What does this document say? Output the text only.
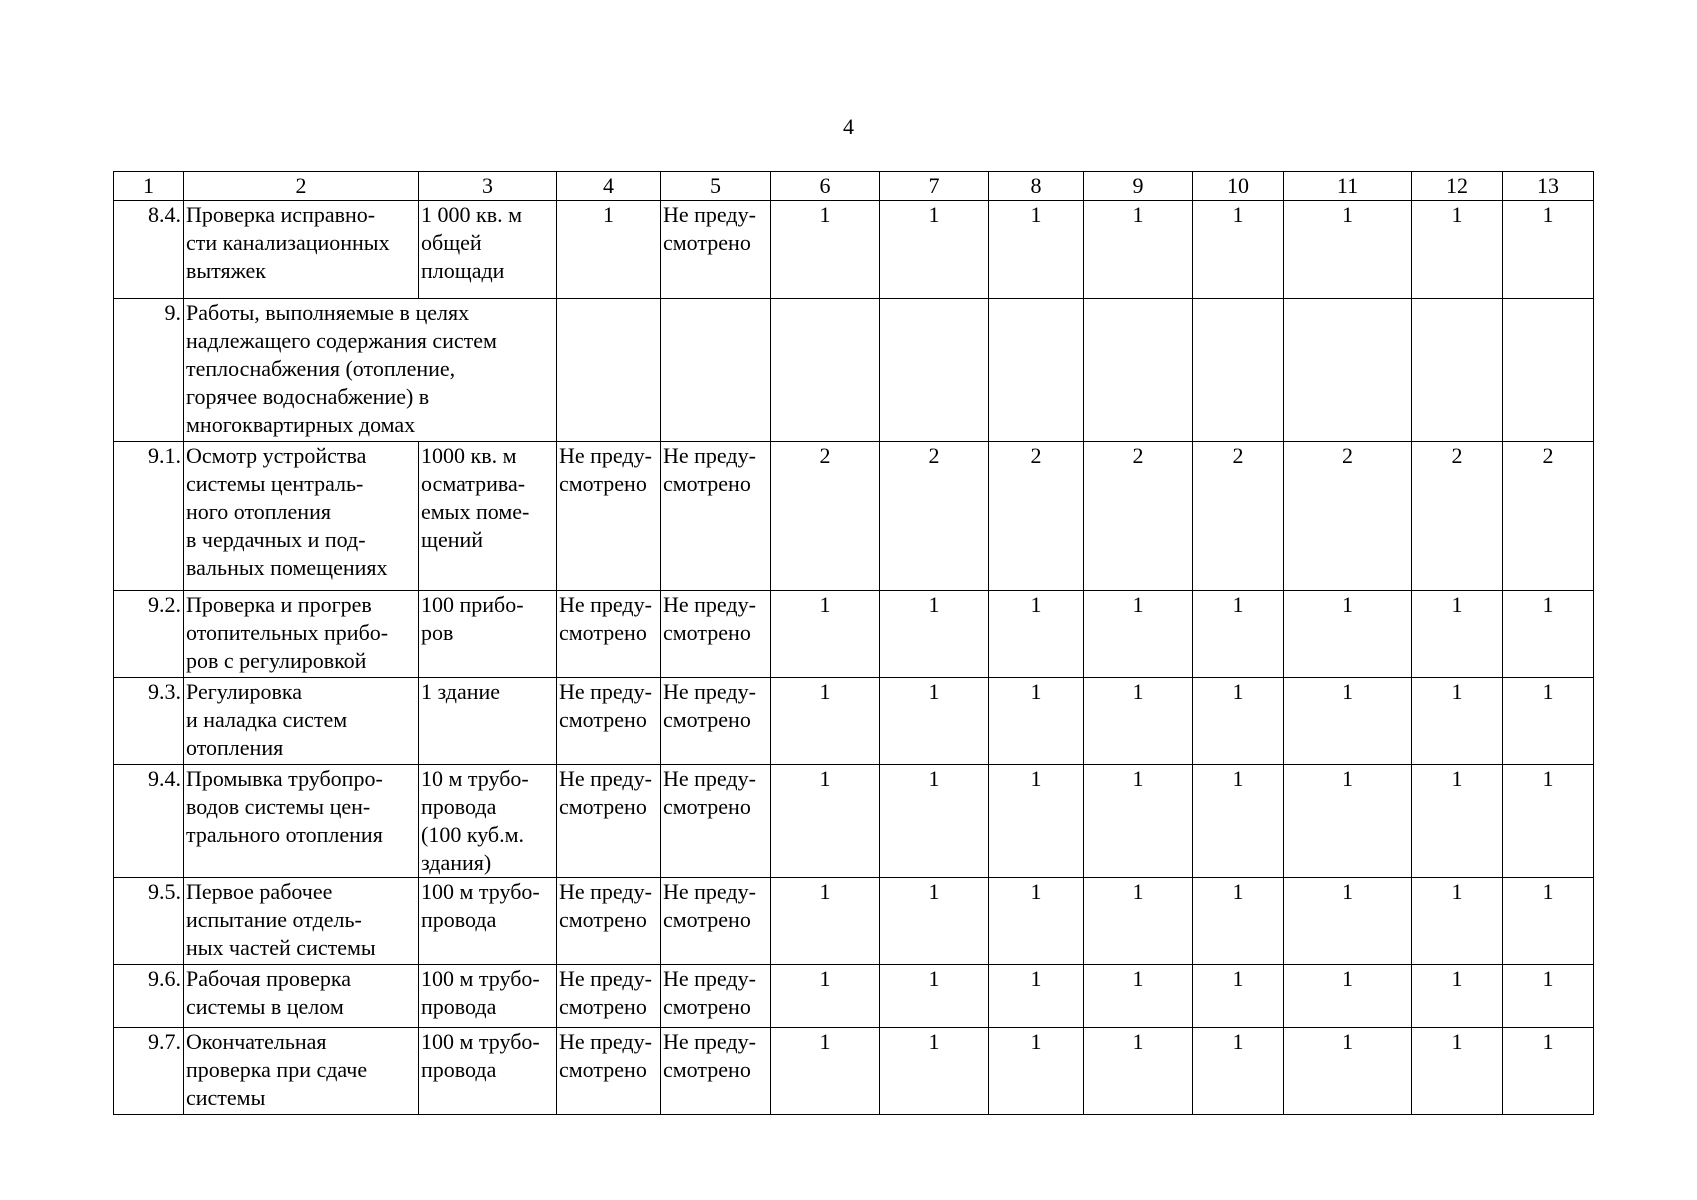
4
1	2	3	4	5	6	7	8	9	10	11	12	13
8.4.	Проверка исправно-
сти канализационных
вытяжек	1 000 кв. м
общей
площади	1	Не преду-
смотрено	1	1	1	1	1	1	1	1
9.	Работы, выполняемые в целях
надлежащего содержания систем
теплоснабжения (отопление,
горячее водоснабжение) в
многоквартирных домах											
9.1.	Осмотр устройства
системы централь-
ного отопления
в чердачных и под-
вальных помещениях	1000 кв. м
осматрива-
емых поме-
щений	Не преду-
смотрено	Не преду-
смотрено	2	2	2	2	2	2	2	2
9.2.	Проверка и прогрев
отопительных прибо-
ров с регулировкой	100 прибо-
ров	Не преду-
смотрено	Не преду-
смотрено	1	1	1	1	1	1	1	1
9.3.	Регулировка
и наладка систем
отопления	1 здание	Не преду-
смотрено	Не преду-
смотрено	1	1	1	1	1	1	1	1
9.4.	Промывка трубопро-
водов системы цен-
трального отопления	10 м трубо-
провода
(100 куб.м.
здания)	Не преду-
смотрено	Не преду-
смотрено	1	1	1	1	1	1	1	1
9.5.	Первое рабочее
испытание отдель-
ных частей системы	100 м трубо-
провода	Не преду-
смотрено	Не преду-
смотрено	1	1	1	1	1	1	1	1
9.6.	Рабочая проверка
системы в целом	100 м трубо-
провода	Не преду-
смотрено	Не преду-
смотрено	1	1	1	1	1	1	1	1
9.7.	Окончательная
проверка при сдаче
системы	100 м трубо-
провода	Не преду-
смотрено	Не преду-
смотрено	1	1	1	1	1	1	1	1
